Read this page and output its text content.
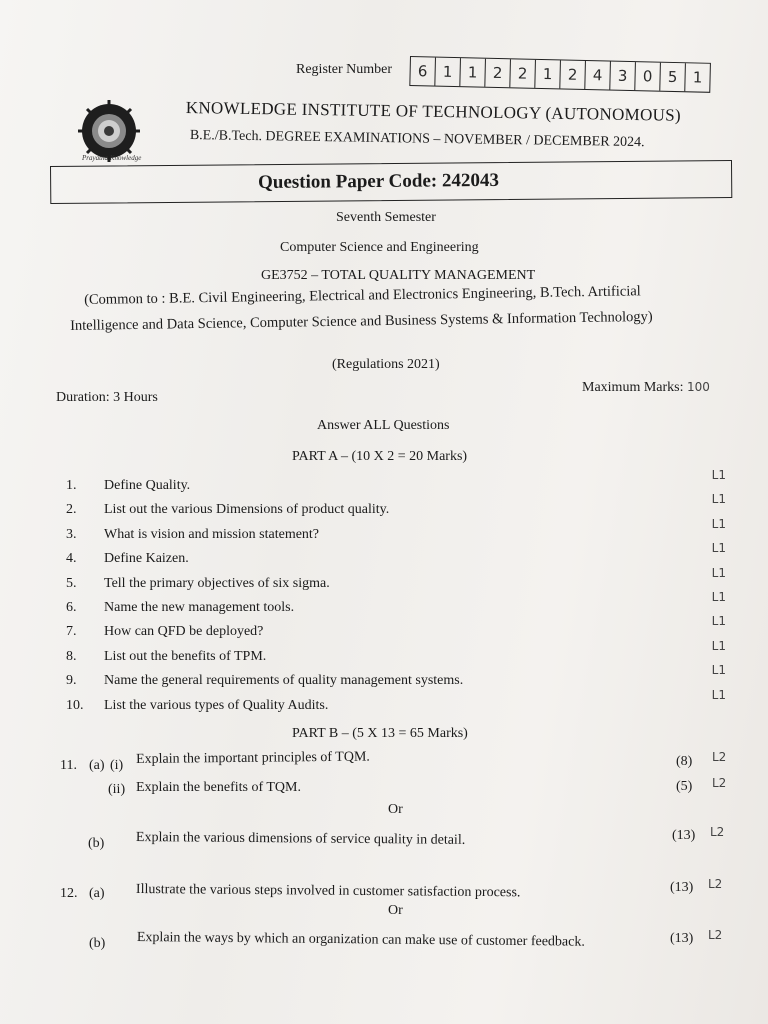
Register Number	6	1	1	2	2	1	2	4	3	0	5	1
Prayatna Knowledge
KNOWLEDGE INSTITUTE OF TECHNOLOGY (AUTONOMOUS)
B.E./B.Tech. DEGREE EXAMINATIONS – NOVEMBER / DECEMBER 2024.
Question Paper Code: 242043
Seventh Semester
Computer Science and Engineering
GE3752 – TOTAL QUALITY MANAGEMENT
(Common to : B.E. Civil Engineering, Electrical and Electronics Engineering, B.Tech. Artificial
Intelligence and Data Science, Computer Science and Business Systems & Information Technology)
(Regulations 2021)
Duration: 3 Hours
Maximum Marks: 100
Answer ALL Questions
PART A – (10 X 2 = 20 Marks)
1.	Define Quality.
L1
2.	List out the various Dimensions of product quality.
L1
3.	What is vision and mission statement?
L1
4.	Define Kaizen.
L1
5.	Tell the primary objectives of six sigma.
L1
6.	Name the new management tools.
L1
7.	How can QFD be deployed?
L1
8.	List out the benefits of TPM.
L1
9.	Name the general requirements of quality management systems.
L1
10.	List the various types of Quality Audits.
L1
PART B – (5 X 13 = 65 Marks)
11. (a) (i) Explain the important principles of TQM.	(8) L2
(ii) Explain the benefits of TQM.	(5) L2
Or
(b) Explain the various dimensions of service quality in detail.	(13) L2
12. (a) Illustrate the various steps involved in customer satisfaction process.	(13) L2
Or
(b) Explain the ways by which an organization can make use of customer feedback.	(13) L2
